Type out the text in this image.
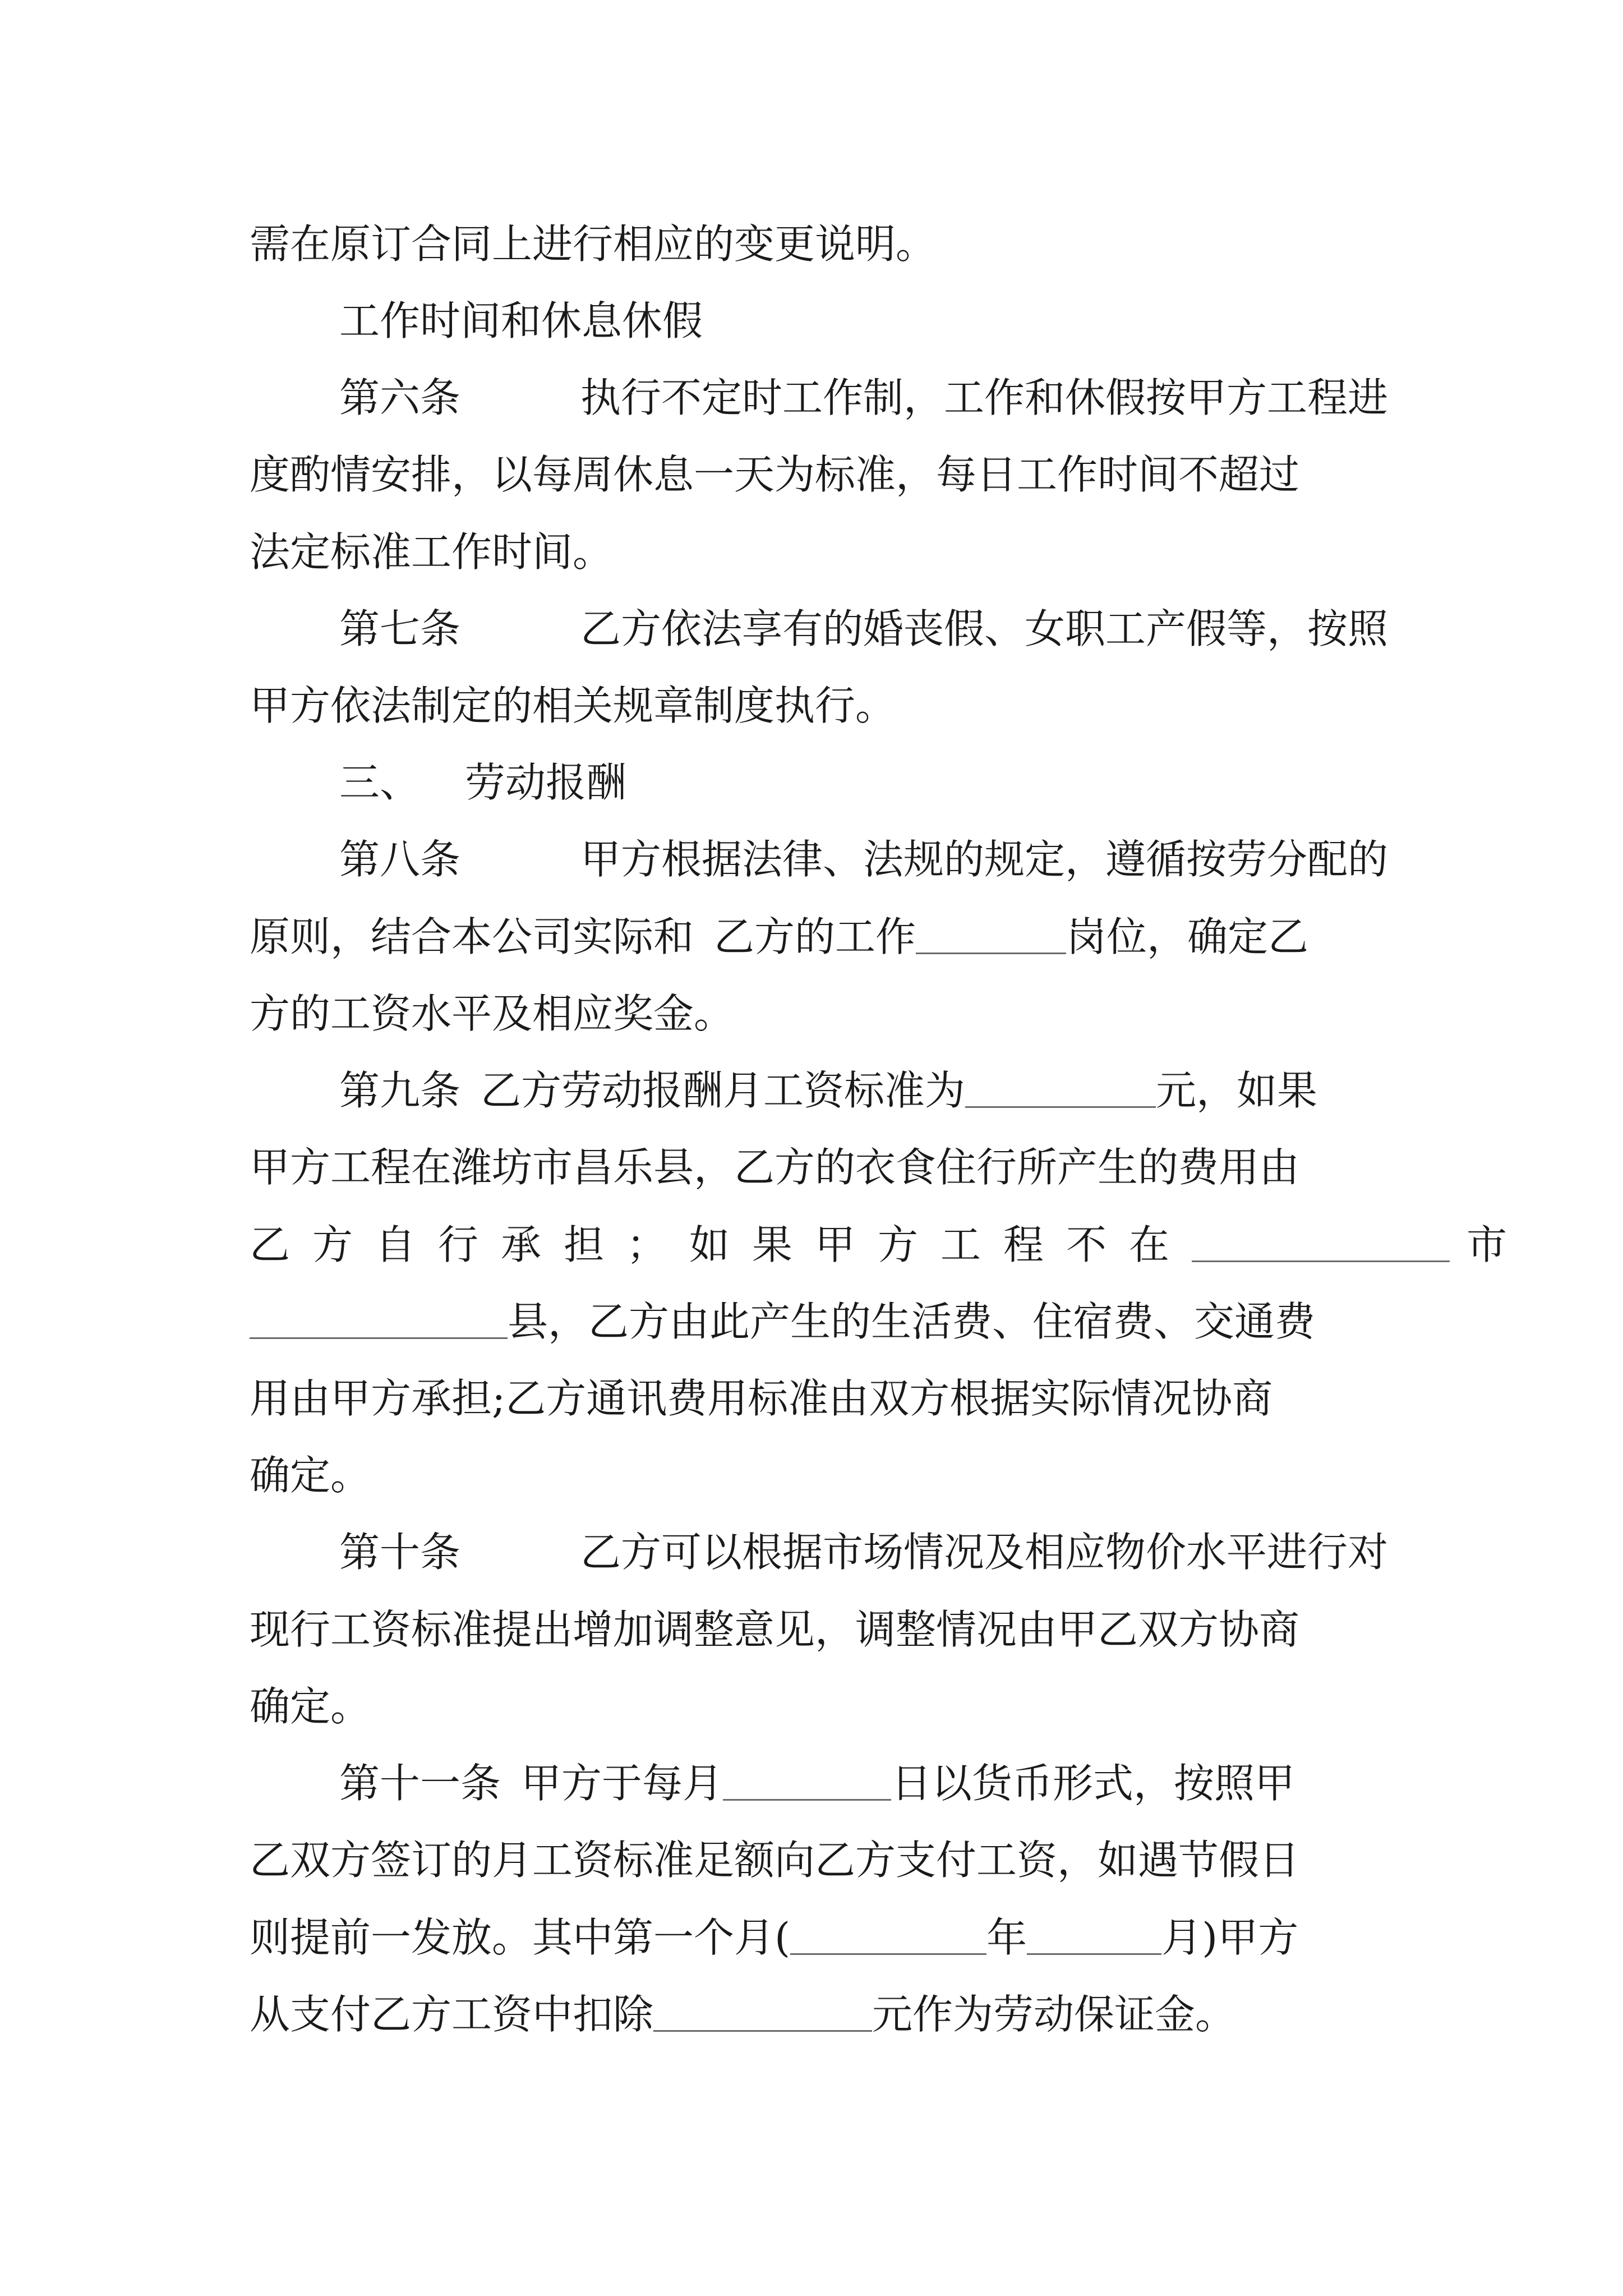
需在原订合同上进行相应的变更说明。
工作时间和休息休假
第六条	执行不定时工作制，工作和休假按甲方工程进
度酌情安排，以每周休息一天为标准，每日工作时间不超过
法定标准工作时间。
第七条	乙方依法享有的婚丧假、女职工产假等，按照
甲方依法制定的相关规章制度执行。
三、 劳动报酬
第八条	甲方根据法律、法规的规定，遵循按劳分配的
原则，结合本公司实际和 乙方的工作	岗位，确定乙
方的工资水平及相应奖金。
第九条 乙方劳动报酬月工资标准为	元，如果
甲方工程在潍坊市昌乐县，乙方的衣食住行所产生的费用由
乙方自行承担；如果甲方工程不在	市
县，乙方由此产生的生活费、住宿费、交通费
用由甲方承担;乙方通讯费用标准由双方根据实际情况协商
确定。
第十条	乙方可以根据市场情况及相应物价水平进行对
现行工资标准提出增加调整意见，调整情况由甲乙双方协商
确定。
第十一条 甲方于每月	日以货币形式，按照甲
乙双方签订的月工资标准足额向乙方支付工资，如遇节假日
则提前一发放。其中第一个月(	年	月)甲方
从支付乙方工资中扣除	元作为劳动保证金。
